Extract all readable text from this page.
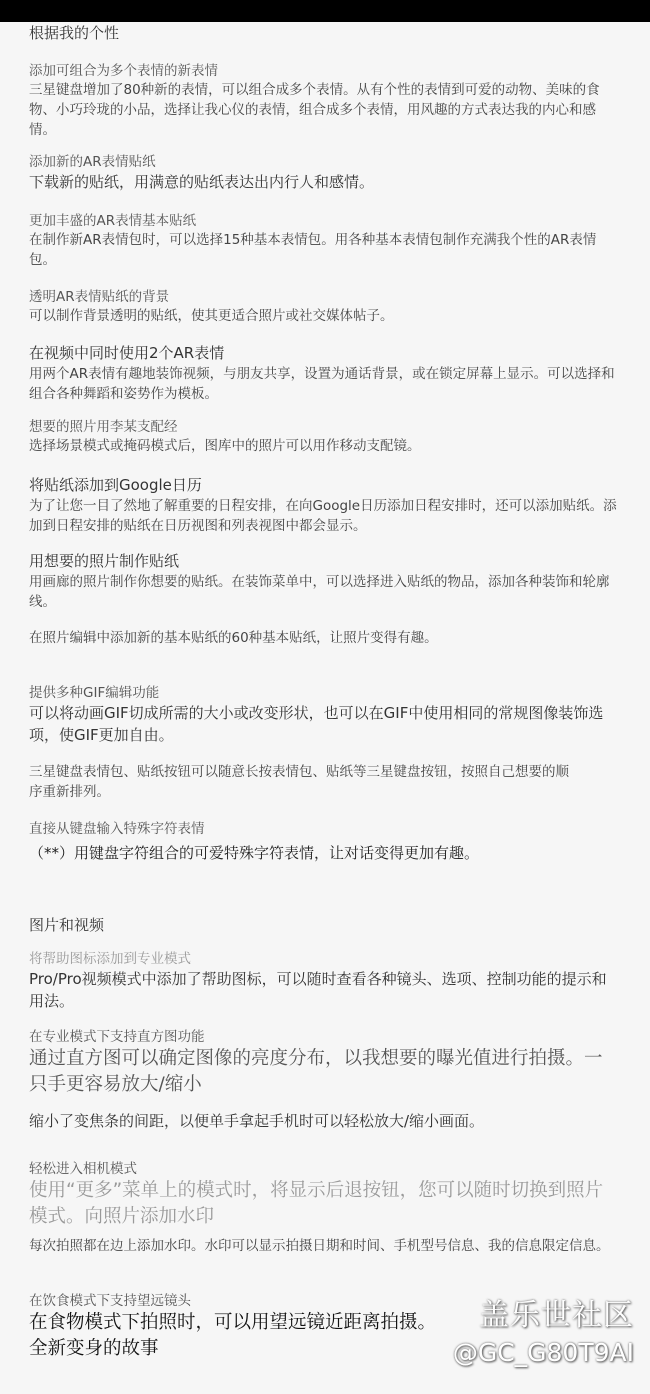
根据我的个性
添加可组合为多个表情的新表情
三星键盘增加了80种新的表情，可以组合成多个表情。从有个性的表情到可爱的动物、美味的食物、小巧玲珑的小品，选择让我心仪的表情，组合成多个表情，用风趣的方式表达我的内心和感情。
添加新的AR表情贴纸
下载新的贴纸，用满意的贴纸表达出内行人和感情。
更加丰盛的AR表情基本贴纸
在制作新AR表情包时，可以选择15种基本表情包。用各种基本表情包制作充满我个性的AR表情包。
透明AR表情贴纸的背景
可以制作背景透明的贴纸，使其更适合照片或社交媒体帖子。
在视频中同时使用2个AR表情
用两个AR表情有趣地装饰视频，与朋友共享，设置为通话背景，或在锁定屏幕上显示。可以选择和组合各种舞蹈和姿势作为模板。
想要的照片用李某支配经
选择场景模式或掩码模式后，图库中的照片可以用作移动支配镜。
将贴纸添加到Google日历
为了让您一目了然地了解重要的日程安排，在向Google日历添加日程安排时，还可以添加贴纸。添加到日程安排的贴纸在日历视图和列表视图中都会显示。
用想要的照片制作贴纸
用画廊的照片制作你想要的贴纸。在装饰菜单中，可以选择进入贴纸的物品，添加各种装饰和轮廓线。
在照片编辑中添加新的基本贴纸的60种基本贴纸，让照片变得有趣。
提供多种GIF编辑功能
可以将动画GIF切成所需的大小或改变形状，也可以在GIF中使用相同的常规图像装饰选项，使GIF更加自由。
三星键盘表情包、贴纸按钮可以随意长按表情包、贴纸等三星键盘按钮，按照自己想要的顺序重新排列。
直接从键盘输入特殊字符表情
（**）用键盘字符组合的可爱特殊字符表情，让对话变得更加有趣。
图片和视频
将帮助图标添加到专业模式
Pro/Pro视频模式中添加了帮助图标，可以随时查看各种镜头、选项、控制功能的提示和用法。
在专业模式下支持直方图功能
通过直方图可以确定图像的亮度分布，以我想要的曝光值进行拍摄。一只手更容易放大/缩小
缩小了变焦条的间距，以便单手拿起手机时可以轻松放大/缩小画面。
轻松进入相机模式
使用“更多”菜单上的模式时，将显示后退按钮，您可以随时切换到照片模式。向照片添加水印
每次拍照都在边上添加水印。水印可以显示拍摄日期和时间、手机型号信息、我的信息限定信息。
在饮食模式下支持望远镜头
在食物模式下拍照时，可以用望远镜近距离拍摄。全新变身的故事
盖乐世社区
@GC_G80T9AI
